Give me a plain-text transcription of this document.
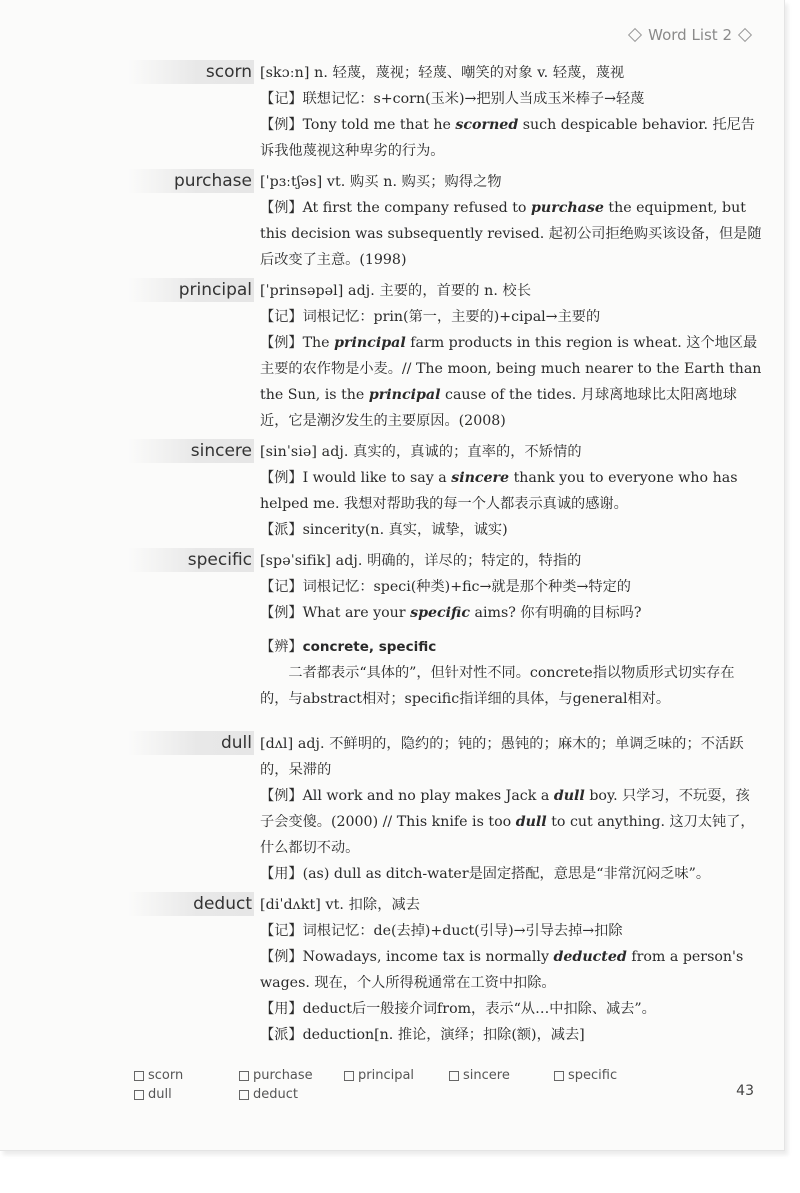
Word List 2
scorn [skɔːn] n. 轻蔑，蔑视；轻蔑、嘲笑的对象 v. 轻蔑，蔑视
【记】联想记忆：s+corn(玉米)→把别人当成玉米棒子→轻蔑
【例】Tony told me that he scorned such despicable behavior. 托尼告诉我他蔑视这种卑劣的行为。
purchase [ˈpɜːtʃəs] vt. 购买 n. 购买；购得之物
【例】At first the company refused to purchase the equipment, but this decision was subsequently revised. 起初公司拒绝购买该设备，但是随后改变了主意。(1998)
principal [ˈprinsəpəl] adj. 主要的，首要的 n. 校长
【记】词根记忆：prin(第一，主要的)+cipal→主要的
【例】The principal farm products in this region is wheat. 这个地区最主要的农作物是小麦。// The moon, being much nearer to the Earth than the Sun, is the principal cause of the tides. 月球离地球比太阳离地球近，它是潮汐发生的主要原因。(2008)
sincere [sinˈsiə] adj. 真实的，真诚的；直率的，不矫情的
【例】I would like to say a sincere thank you to everyone who has helped me. 我想对帮助我的每一个人都表示真诚的感谢。
【派】sincerity(n. 真实，诚挚，诚实)
specific [spəˈsifik] adj. 明确的，详尽的；特定的，特指的
【记】词根记忆：speci(种类)+fic→就是那个种类→特定的
【例】What are your specific aims? 你有明确的目标吗?
【辨】concrete, specific
二者都表示“具体的”，但针对性不同。concrete指以物质形式切实存在的，与abstract相对；specific指详细的具体，与general相对。
dull [dʌl] adj. 不鲜明的，隐约的；钝的；愚钝的；麻木的；单调乏味的；不活跃的，呆滞的
【例】All work and no play makes Jack a dull boy. 只学习，不玩耍，孩子会变傻。(2000) // This knife is too dull to cut anything. 这刀太钝了，什么都切不动。
【用】(as) dull as ditch-water是固定搭配，意思是“非常沉闷乏味”。
deduct [diˈdʌkt] vt. 扣除，减去
【记】词根记忆：de(去掉)+duct(引导)→引导去掉→扣除
【例】Nowadays, income tax is normally deducted from a person's wages. 现在，个人所得税通常在工资中扣除。
【用】deduct后一般接介词from，表示“从…中扣除、减去”。
【派】deduction[n. 推论，演绎；扣除(额)，减去]
scorn	purchase	principal	sincere	specific
dull	deduct	43
